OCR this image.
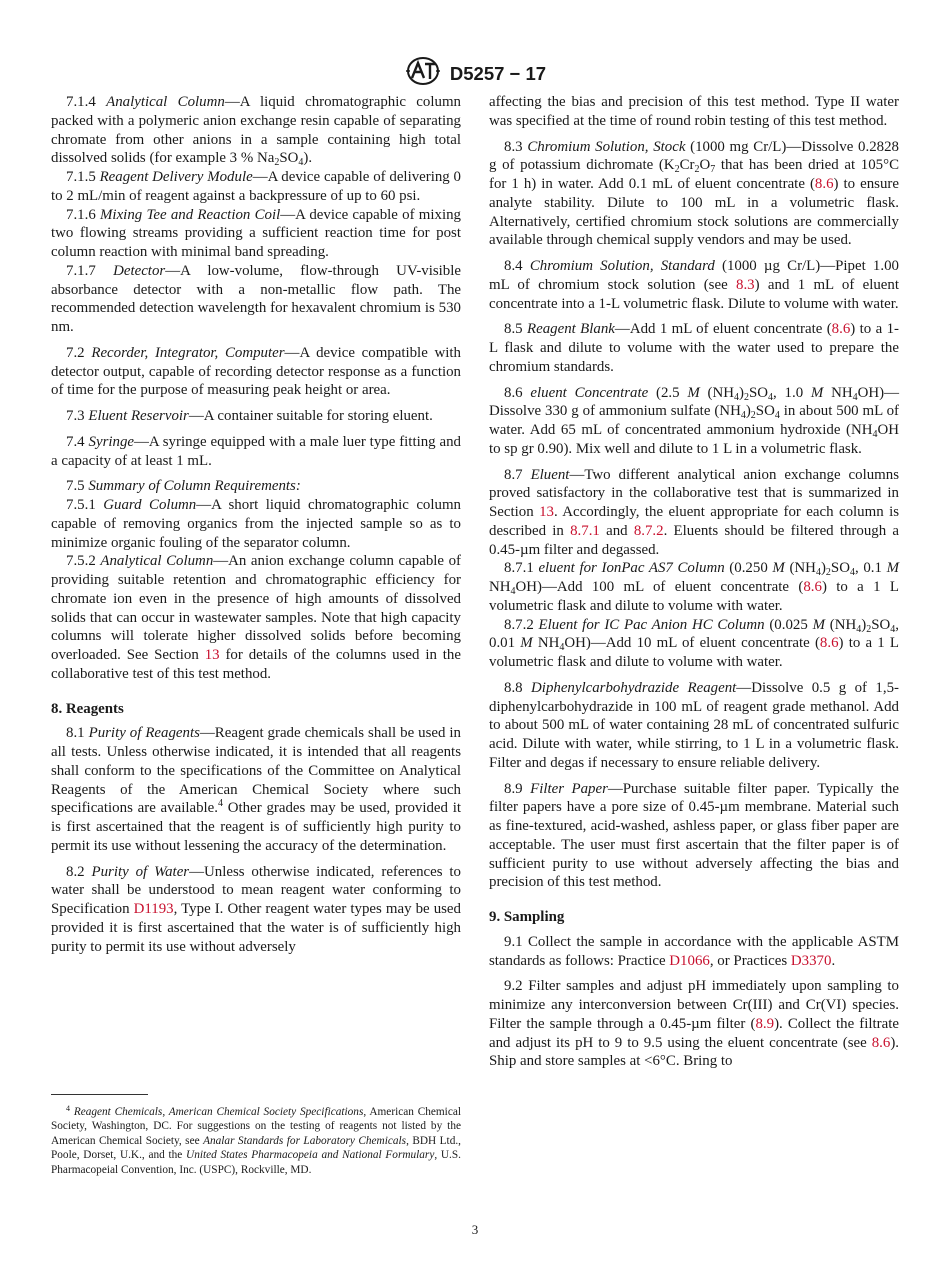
D5257 − 17

7.1.4 Analytical Column—A liquid chromatographic column packed with a polymeric anion exchange resin capable of separating chromate from other anions in a sample containing high total dissolved solids (for example 3 % $Na_2SO_4$).

7.1.5 Reagent Delivery Module—A device capable of delivering 0 to 2 mL/min of reagent against a backpressure of up to 60 psi.

7.1.6 Mixing Tee and Reaction Coil—A device capable of mixing two flowing streams providing a sufficient reaction time for post column reaction with minimal band spreading.

7.1.7 Detector—A low-volume, flow-through UV-visible absorbance detector with a non-metallic flow path. The recommended detection wavelength for hexavalent chromium is 530 nm.

7.2 Recorder, Integrator, Computer—A device compatible with detector output, capable of recording detector response as a function of time for the purpose of measuring peak height or area.

7.3 Eluent Reservoir—A container suitable for storing eluent.

7.4 Syringe—A syringe equipped with a male luer type fitting and a capacity of at least 1 mL.

7.5 Summary of Column Requirements:

7.5.1 Guard Column—A short liquid chromatographic column capable of removing organics from the injected sample so as to minimize organic fouling of the separator column.

7.5.2 Analytical Column—An anion exchange column capable of providing suitable retention and chromatographic efficiency for chromate ion even in the presence of high amounts of dissolved solids that can occur in wastewater samples. Note that high capacity columns will tolerate higher dissolved solids before becoming overloaded. See Section 13 for details of the columns used in the collaborative test of this test method.

8. Reagents

8.1 Purity of Reagents—Reagent grade chemicals shall be used in all tests. Unless otherwise indicated, it is intended that all reagents shall conform to the specifications of the Committee on Analytical Reagents of the American Chemical Society where such specifications are available.$^4$ Other grades may be used, provided it is first ascertained that the reagent is of sufficiently high purity to permit its use without lessening the accuracy of the determination.

8.2 Purity of Water—Unless otherwise indicated, references to water shall be understood to mean reagent water conforming to Specification D1193, Type I. Other reagent water types may be used provided it is first ascertained that the water is of sufficiently high purity to permit its use without adversely

$^4$ Reagent Chemicals, American Chemical Society Specifications, American Chemical Society, Washington, DC. For suggestions on the testing of reagents not listed by the American Chemical Society, see Analar Standards for Laboratory Chemicals, BDH Ltd., Poole, Dorset, U.K., and the United States Pharmacopeia and National Formulary, U.S. Pharmacopeial Convention, Inc. (USPC), Rockville, MD.

affecting the bias and precision of this test method. Type II water was specified at the time of round robin testing of this test method.

8.3 Chromium Solution, Stock (1000 mg Cr/L)—Dissolve 0.2828 g of potassium dichromate ($K_2Cr_2O_7$ that has been dried at 105°C for 1 h) in water. Add 0.1 mL of eluent concentrate (8.6) to ensure analyte stability. Dilute to 100 mL in a volumetric flask. Alternatively, certified chromium stock solutions are commercially available through chemical supply vendors and may be used.

8.4 Chromium Solution, Standard (1000 µg Cr/L)—Pipet 1.00 mL of chromium stock solution (see 8.3) and 1 mL of eluent concentrate into a 1-L volumetric flask. Dilute to volume with water.

8.5 Reagent Blank—Add 1 mL of eluent concentrate (8.6) to a 1-L flask and dilute to volume with the water used to prepare the chromium standards.

8.6 eluent Concentrate (2.5 M $(NH_4)_2SO_4$, 1.0 M $NH_4OH)—Dissolve$ 330 g of ammonium sulfate $(NH_4)_2SO_4$ in about 500 mL of water. Add 65 mL of concentrated ammonium hydroxide ($NH_4OH$ to sp gr 0.90). Mix well and dilute to 1 L in a volumetric flask.

8.7 Eluent—Two different analytical anion exchange columns proved satisfactory in the collaborative test that is summarized in Section 13. Accordingly, the eluent appropriate for each column is described in 8.7.1 and 8.7.2. Eluents should be filtered through a 0.45-µm filter and degassed.

8.7.1 eluent for IonPac AS7 Column (0.250 M $(NH_4)_2SO_4$, 0.1 M $NH_4OH)—Add$ 100 mL of eluent concentrate (8.6) to a 1 L volumetric flask and dilute to volume with water.

8.7.2 Eluent for IC Pac Anion HC Column (0.025 M $(NH_4)_2SO_4$, 0.01 M $NH_4OH)—Add$ 10 mL of eluent concentrate (8.6) to a 1 L volumetric flask and dilute to volume with water.

8.8 Diphenylcarbohydrazide Reagent—Dissolve 0.5 g of 1,5-diphenylcarbohydrazide in 100 mL of reagent grade methanol. Add to about 500 mL of water containing 28 mL of concentrated sulfuric acid. Dilute with water, while stirring, to 1 L in a volumetric flask. Filter and degas if necessary to ensure reliable delivery.

8.9 Filter Paper—Purchase suitable filter paper. Typically the filter papers have a pore size of 0.45-µm membrane. Material such as fine-textured, acid-washed, ashless paper, or glass fiber paper are acceptable. The user must first ascertain that the filter paper is of sufficient purity to use without adversely affecting the bias and precision of this test method.

9. Sampling

9.1 Collect the sample in accordance with the applicable ASTM standards as follows: Practice D1066, or Practices D3370.

9.2 Filter samples and adjust pH immediately upon sampling to minimize any interconversion between Cr(III) and Cr(VI) species. Filter the sample through a 0.45-µm filter (8.9). Collect the filtrate and adjust its pH to 9 to 9.5 using the eluent concentrate (see 8.6). Ship and store samples at <6°C. Bring to

3
